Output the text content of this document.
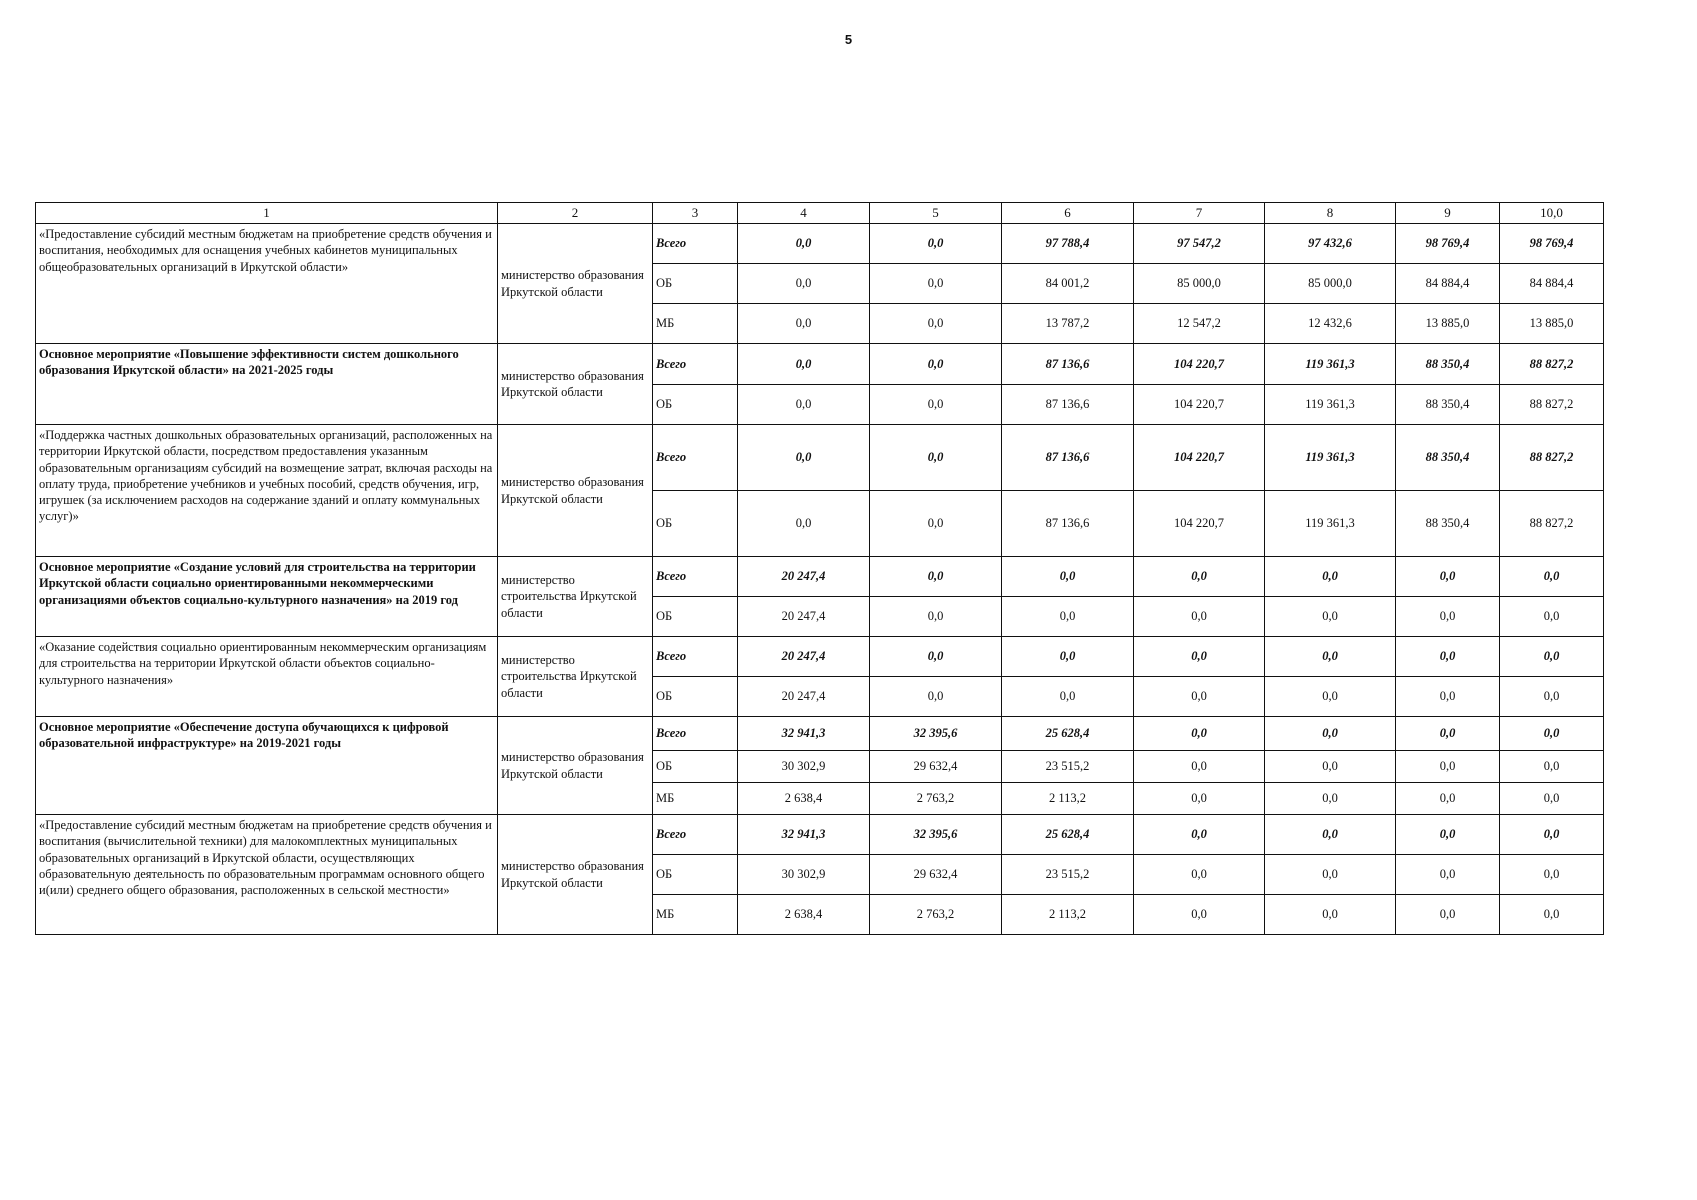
5
1	2	3	4	5	6	7	8	9	10,0
«Предоставление субсидий местным бюджетам на приобретение средств обучения и воспитания, необходимых для оснащения учебных кабинетов муниципальных общеобразовательных организаций в Иркутской области»	министерство образования Иркутской области	Всего	0,0	0,0	97 788,4	97 547,2	97 432,6	98 769,4	98 769,4
		ОБ	0,0	0,0	84 001,2	85 000,0	85 000,0	84 884,4	84 884,4
		МБ	0,0	0,0	13 787,2	12 547,2	12 432,6	13 885,0	13 885,0
Основное мероприятие «Повышение эффективности систем дошкольного образования Иркутской области» на 2021-2025 годы	министерство образования Иркутской области	Всего	0,0	0,0	87 136,6	104 220,7	119 361,3	88 350,4	88 827,2
		ОБ	0,0	0,0	87 136,6	104 220,7	119 361,3	88 350,4	88 827,2
«Поддержка частных дошкольных образовательных организаций, расположенных на территории Иркутской области, посредством предоставления указанным образовательным организациям субсидий на возмещение затрат, включая расходы на оплату труда, приобретение учебников и учебных пособий, средств обучения, игр, игрушек (за исключением расходов на содержание зданий и оплату коммунальных услуг)»	министерство образования Иркутской области	Всего	0,0	0,0	87 136,6	104 220,7	119 361,3	88 350,4	88 827,2
		ОБ	0,0	0,0	87 136,6	104 220,7	119 361,3	88 350,4	88 827,2
Основное мероприятие «Создание условий для строительства на территории Иркутской области социально ориентированными некоммерческими организациями объектов социально-культурного назначения» на 2019 год	министерство строительства Иркутской области	Всего	20 247,4	0,0	0,0	0,0	0,0	0,0	0,0
		ОБ	20 247,4	0,0	0,0	0,0	0,0	0,0	0,0
«Оказание содействия социально ориентированным некоммерческим организациям для строительства на территории Иркутской области объектов социально-культурного назначения»	министерство строительства Иркутской области	Всего	20 247,4	0,0	0,0	0,0	0,0	0,0	0,0
		ОБ	20 247,4	0,0	0,0	0,0	0,0	0,0	0,0
Основное мероприятие «Обеспечение доступа обучающихся к цифровой образовательной инфраструктуре» на 2019-2021 годы	министерство образования Иркутской области	Всего	32 941,3	32 395,6	25 628,4	0,0	0,0	0,0	0,0
		ОБ	30 302,9	29 632,4	23 515,2	0,0	0,0	0,0	0,0
		МБ	2 638,4	2 763,2	2 113,2	0,0	0,0	0,0	0,0
«Предоставление субсидий местным бюджетам на приобретение средств обучения и воспитания (вычислительной техники) для малокомплектных муниципальных образовательных организаций в Иркутской области, осуществляющих образовательную деятельность по образовательным программам основного общего и(или) среднего общего образования, расположенных в сельской местности»	министерство образования Иркутской области	Всего	32 941,3	32 395,6	25 628,4	0,0	0,0	0,0	0,0
		ОБ	30 302,9	29 632,4	23 515,2	0,0	0,0	0,0	0,0
		МБ	2 638,4	2 763,2	2 113,2	0,0	0,0	0,0	0,0
